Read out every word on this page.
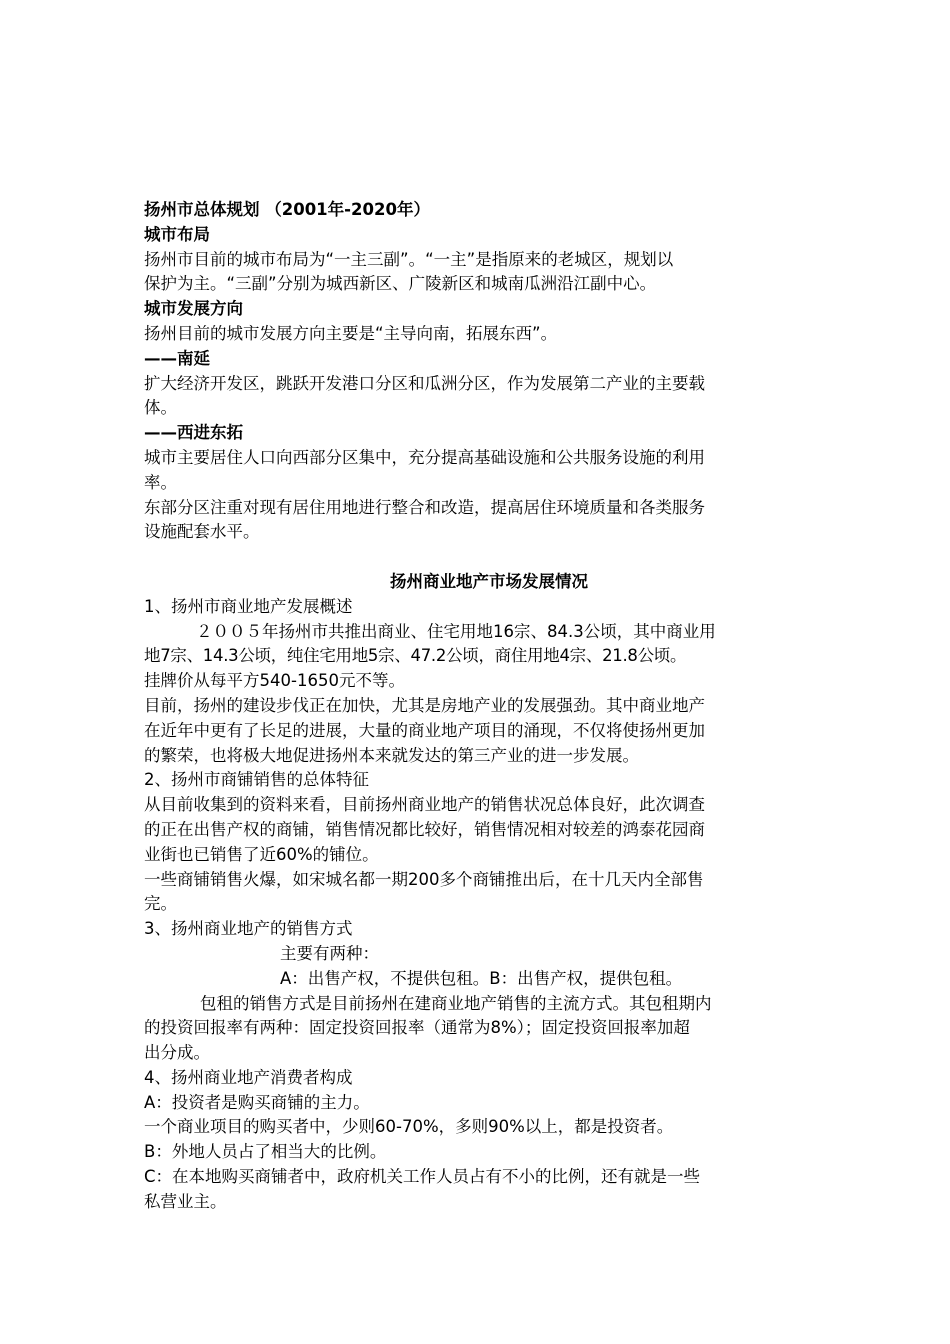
扬州市总体规划 （2001年-2020年）
城市布局
扬州市目前的城市布局为“一主三副”。“一主”是指原来的老城区，规划以
保护为主。“三副”分别为城西新区、广陵新区和城南瓜洲沿江副中心。
城市发展方向
扬州目前的城市发展方向主要是“主导向南，拓展东西”。
——南延
扩大经济开发区，跳跃开发港口分区和瓜洲分区，作为发展第二产业的主要载
体。
——西进东拓
城市主要居住人口向西部分区集中，充分提高基础设施和公共服务设施的利用
率。
东部分区注重对现有居住用地进行整合和改造，提高居住环境质量和各类服务
设施配套水平。
扬州商业地产市场发展情况
1、扬州市商业地产发展概述
２００５年扬州市共推出商业、住宅用地16宗、84.3公顷，其中商业用
地7宗、14.3公顷，纯住宅用地5宗、47.2公顷，商住用地4宗、21.8公顷。
挂牌价从每平方540-1650元不等。
目前，扬州的建设步伐正在加快，尤其是房地产业的发展强劲。其中商业地产
在近年中更有了长足的进展，大量的商业地产项目的涌现，不仅将使扬州更加
的繁荣，也将极大地促进扬州本来就发达的第三产业的进一步发展。
2、扬州市商铺销售的总体特征
从目前收集到的资料来看，目前扬州商业地产的销售状况总体良好，此次调查
的正在出售产权的商铺，销售情况都比较好，销售情况相对较差的鸿泰花园商
业街也已销售了近60%的铺位。
一些商铺销售火爆，如宋城名都一期200多个商铺推出后，在十几天内全部售
完。
3、扬州商业地产的销售方式
主要有两种：
A：出售产权，不提供包租。B：出售产权，提供包租。
包租的销售方式是目前扬州在建商业地产销售的主流方式。其包租期内
的投资回报率有两种：固定投资回报率（通常为8%）；固定投资回报率加超
出分成。
4、扬州商业地产消费者构成
A：投资者是购买商铺的主力。
一个商业项目的购买者中，少则60-70%，多则90%以上，都是投资者。
B：外地人员占了相当大的比例。
C：在本地购买商铺者中，政府机关工作人员占有不小的比例，还有就是一些
私营业主。
